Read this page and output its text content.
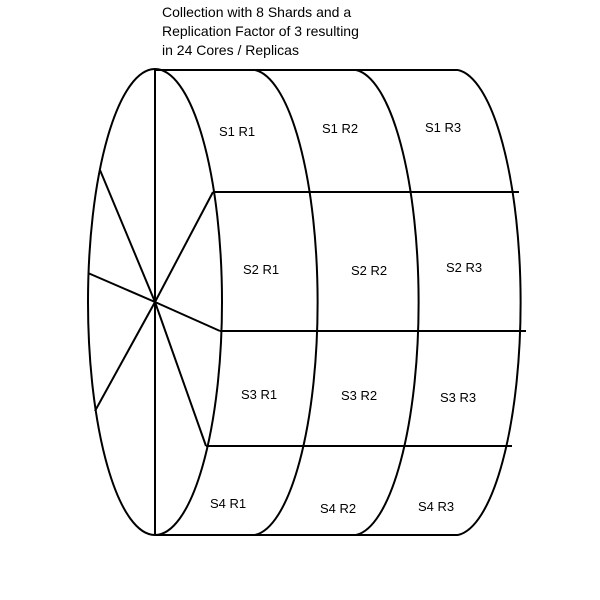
Collection with 8 Shards and a
Replication Factor of 3 resulting
in 24 Cores / Replicas
S1 R1	S1 R2	S1 R3
S2 R1	S2 R2	S2 R3
S3 R1	S3 R2	S3 R3
S4 R1	S4 R2	S4 R3
